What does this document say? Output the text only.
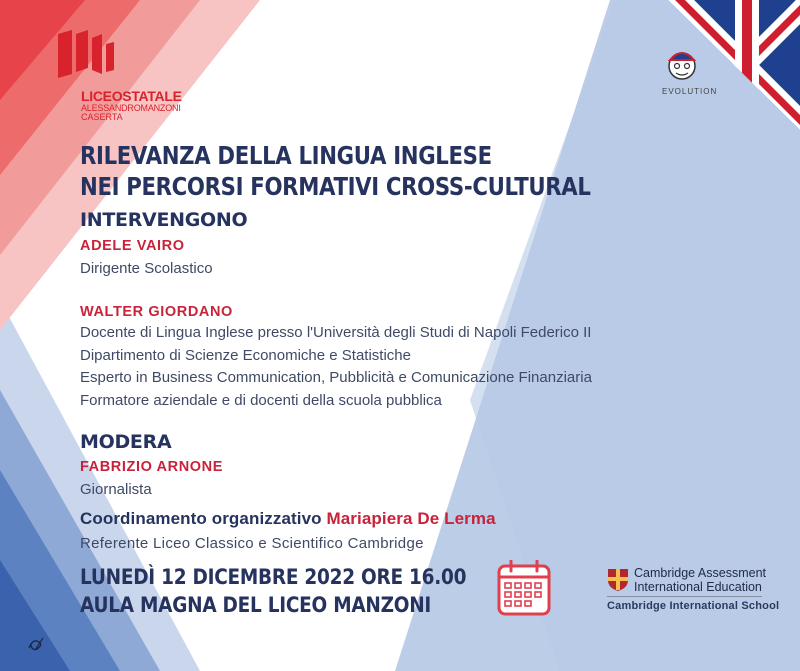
LICEOSTATALE
ALESSANDROMANZONI
CASERTA
EVOLUTION
RILEVANZA DELLA LINGUA INGLESE
NEI PERCORSI FORMATIVI CROSS-CULTURAL
INTERVENGONO
ADELE VAIRO
Dirigente Scolastico
WALTER GIORDANO
Docente di Lingua Inglese presso l'Università degli Studi di Napoli Federico II
Dipartimento di Scienze Economiche e Statistiche
Esperto in Business Communication, Pubblicità e Comunicazione Finanziaria
Formatore aziendale e di docenti della scuola pubblica
MODERA
FABRIZIO ARNONE
Giornalista
Coordinamento organizzativo Mariapiera De Lerma
Referente Liceo Classico e Scientifico Cambridge
LUNEDÌ 12 DICEMBRE 2022 ORE 16.00
AULA MAGNA DEL LICEO MANZONI
Cambridge Assessment
International Education
Cambridge International School
